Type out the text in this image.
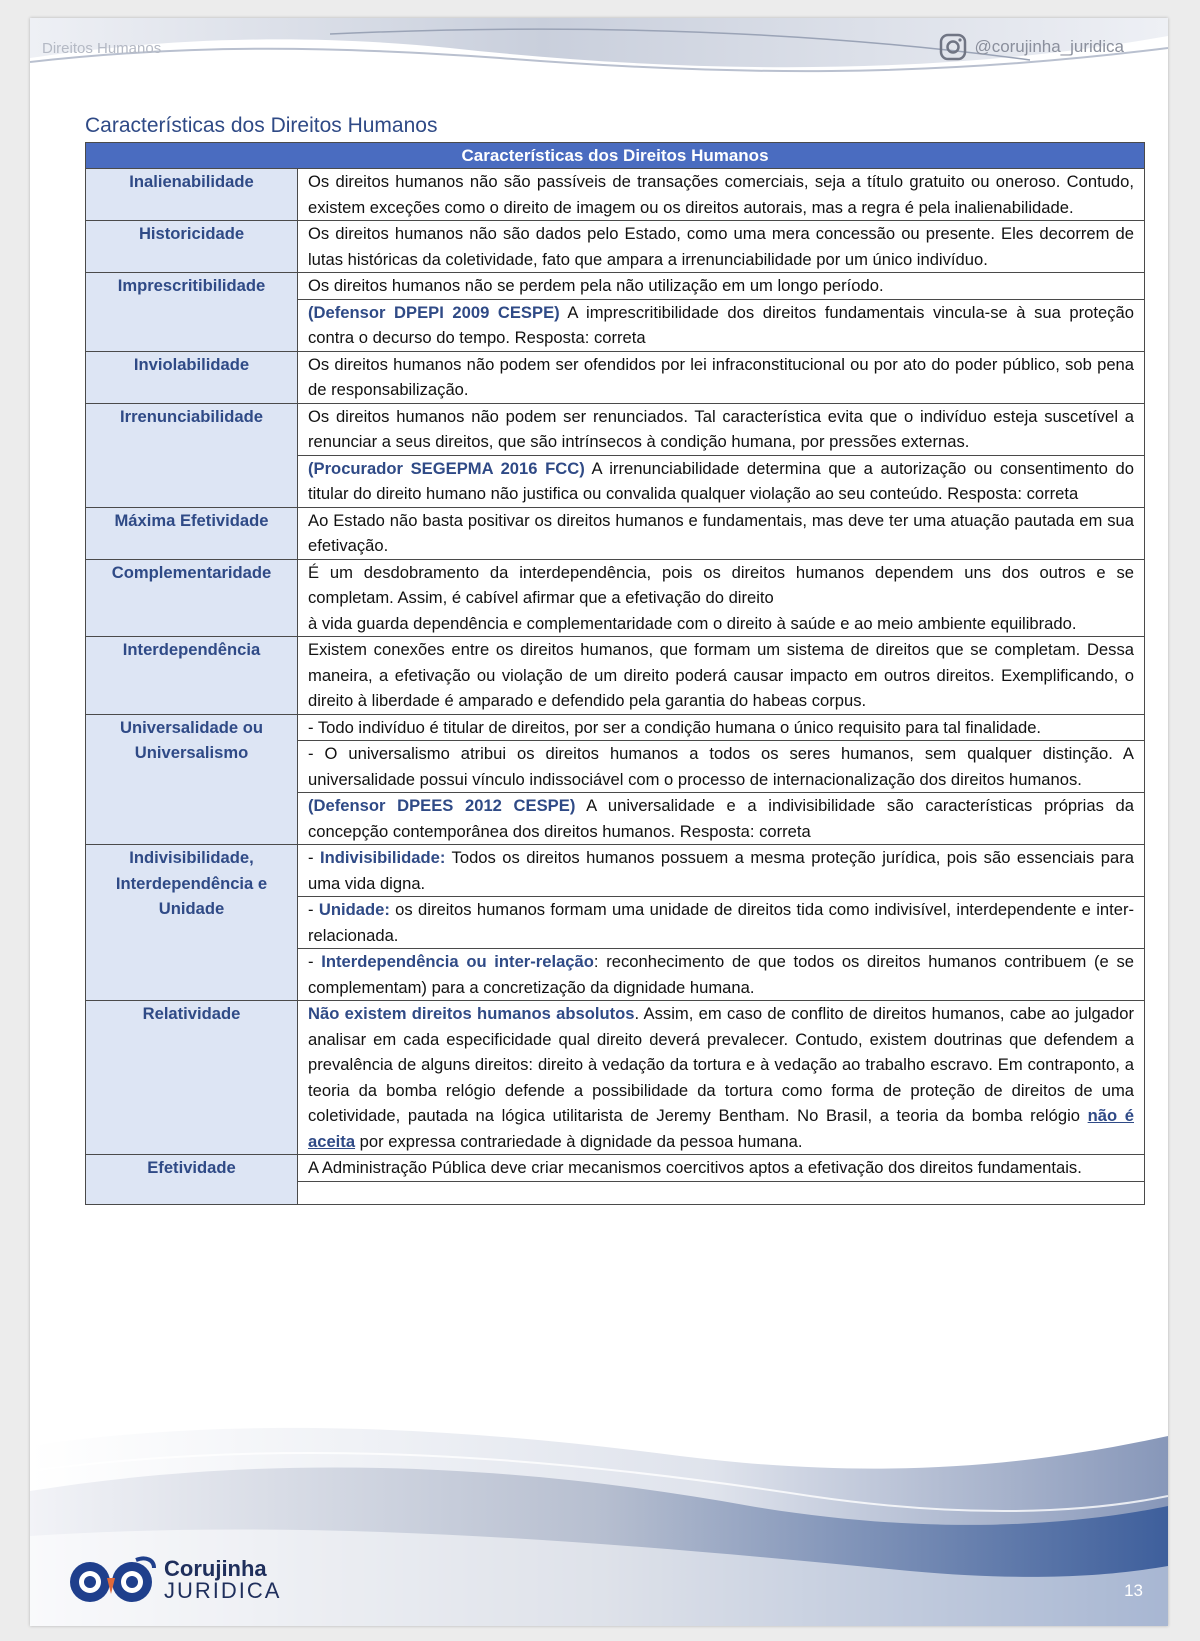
Direitos Humanos	@corujinha_juridica
Características dos Direitos Humanos
Características dos Direitos Humanos	
Inalienabilidade	Os direitos humanos não são passíveis de transações comerciais, seja a título gratuito ou oneroso. Contudo, existem exceções como o direito de imagem ou os direitos autorais, mas a regra é pela inalienabilidade.
Historicidade	Os direitos humanos não são dados pelo Estado, como uma mera concessão ou presente. Eles decorrem de lutas históricas da coletividade, fato que ampara a irrenunciabilidade por um único indivíduo.
Imprescritibilidade	Os direitos humanos não se perdem pela não utilização em um longo período.
	(Defensor DPEPI 2009 CESPE) A imprescritibilidade dos direitos fundamentais vincula-se à sua proteção contra o decurso do tempo. Resposta: correta
Inviolabilidade	Os direitos humanos não podem ser ofendidos por lei infraconstitucional ou por ato do poder público, sob pena de responsabilização.
Irrenunciabilidade	Os direitos humanos não podem ser renunciados. Tal característica evita que o indivíduo esteja suscetível a renunciar a seus direitos, que são intrínsecos à condição humana, por pressões externas.
	(Procurador SEGEPMA 2016 FCC) A irrenunciabilidade determina que a autorização ou consentimento do titular do direito humano não justifica ou convalida qualquer violação ao seu conteúdo. Resposta: correta
Máxima Efetividade	Ao Estado não basta positivar os direitos humanos e fundamentais, mas deve ter uma atuação pautada em sua efetivação.
Complementaridade	É um desdobramento da interdependência, pois os direitos humanos dependem uns dos outros e se completam. Assim, é cabível afirmar que a efetivação do direito
à vida guarda dependência e complementaridade com o direito à saúde e ao meio ambiente equilibrado.
Interdependência	Existem conexões entre os direitos humanos, que formam um sistema de direitos que se completam. Dessa maneira, a efetivação ou violação de um direito poderá causar impacto em outros direitos. Exemplificando, o direito à liberdade é amparado e defendido pela garantia do habeas corpus.
Universalidade ou Universalismo	- Todo indivíduo é titular de direitos, por ser a condição humana o único requisito para tal finalidade.
	- O universalismo atribui os direitos humanos a todos os seres humanos, sem qualquer distinção. A universalidade possui vínculo indissociável com o processo de internacionalização dos direitos humanos.
	(Defensor DPEES 2012 CESPE) A universalidade e a indivisibilidade são características próprias da concepção contemporânea dos direitos humanos. Resposta: correta
Indivisibilidade, Interdependência e Unidade	- Indivisibilidade: Todos os direitos humanos possuem a mesma proteção jurídica, pois são essenciais para uma vida digna.
	- Unidade: os direitos humanos formam uma unidade de direitos tida como indivisível, interdependente e inter-relacionada.
	- Interdependência ou inter-relação: reconhecimento de que todos os direitos humanos contribuem (e se complementam) para a concretização da dignidade humana.
Relatividade	Não existem direitos humanos absolutos. Assim, em caso de conflito de direitos humanos, cabe ao julgador analisar em cada especificidade qual direito deverá prevalecer. Contudo, existem doutrinas que defendem a prevalência de alguns direitos: direito à vedação da tortura e à vedação ao trabalho escravo. Em contraponto, a teoria da bomba relógio defende a possibilidade da tortura como forma de proteção de direitos de uma coletividade, pautada na lógica utilitarista de Jeremy Bentham. No Brasil, a teoria da bomba relógio não é aceita por expressa contrariedade à dignidade da pessoa humana.
Efetividade	A Administração Pública deve criar mecanismos coercitivos aptos a efetivação dos direitos fundamentais.

Corujinha
JURIDICA	13
